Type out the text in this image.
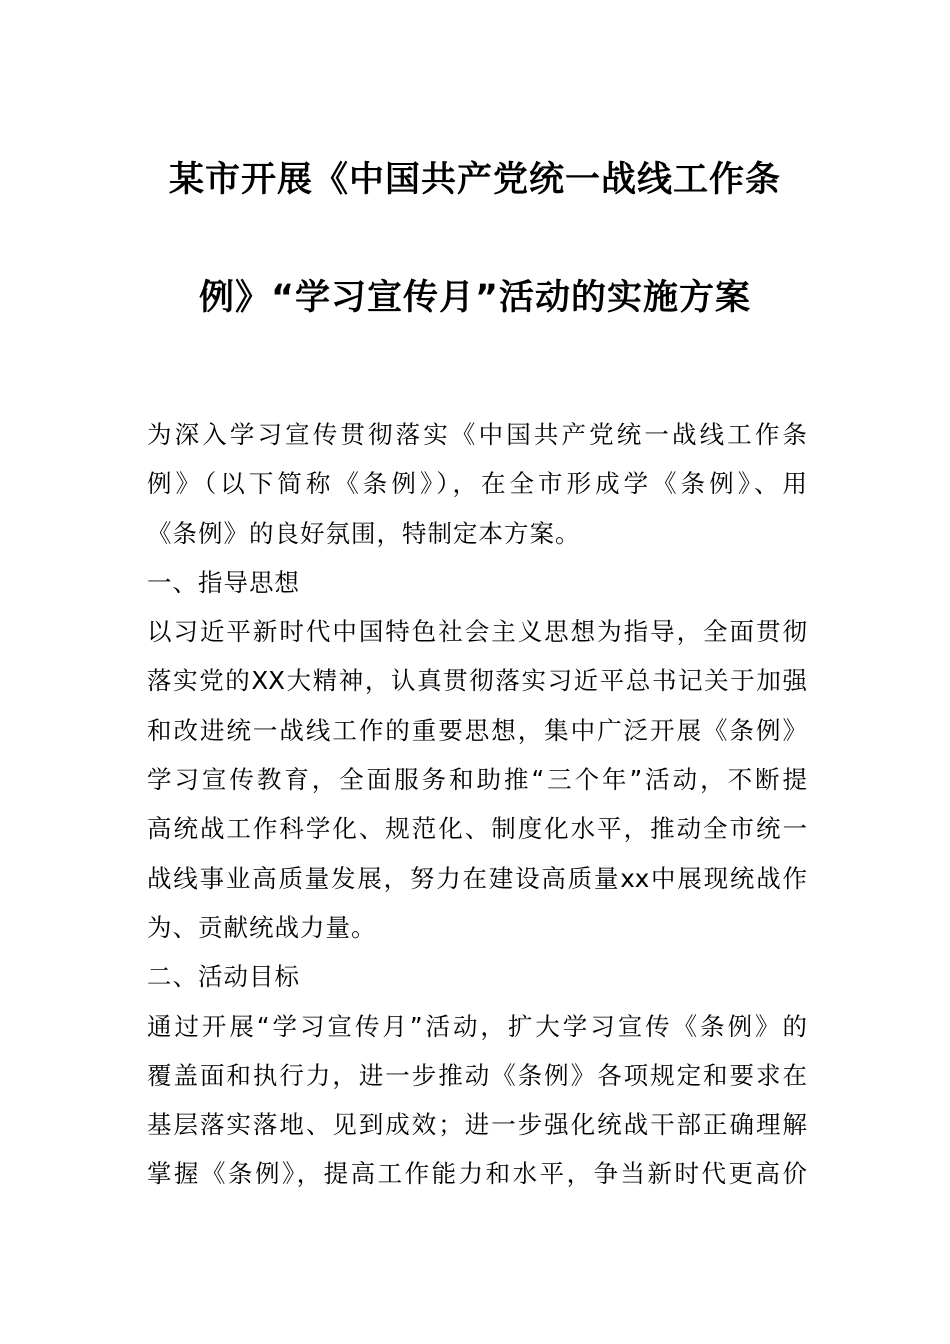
某市开展《中国共产党统一战线工作条
例》“学习宣传月”活动的实施方案

为深入学习宣传贯彻落实《中国共产党统一战线工作条

例》（以下简称《条例》），在全市形成学《条例》、用

《条例》的良好氛围，特制定本方案。

一、指导思想

以习近平新时代中国特色社会主义思想为指导，全面贯彻

落实党的XX大精神，认真贯彻落实习近平总书记关于加强

和改进统一战线工作的重要思想，集中广泛开展《条例》

学习宣传教育，全面服务和助推“三个年”活动，不断提

高统战工作科学化、规范化、制度化水平，推动全市统一

战线事业高质量发展，努力在建设高质量xx中展现统战作

为、贡献统战力量。

二、活动目标

通过开展“学习宣传月”活动，扩大学习宣传《条例》的

覆盖面和执行力，进一步推动《条例》各项规定和要求在

基层落实落地、见到成效；进一步强化统战干部正确理解

掌握《条例》，提高工作能力和水平，争当新时代更高价
